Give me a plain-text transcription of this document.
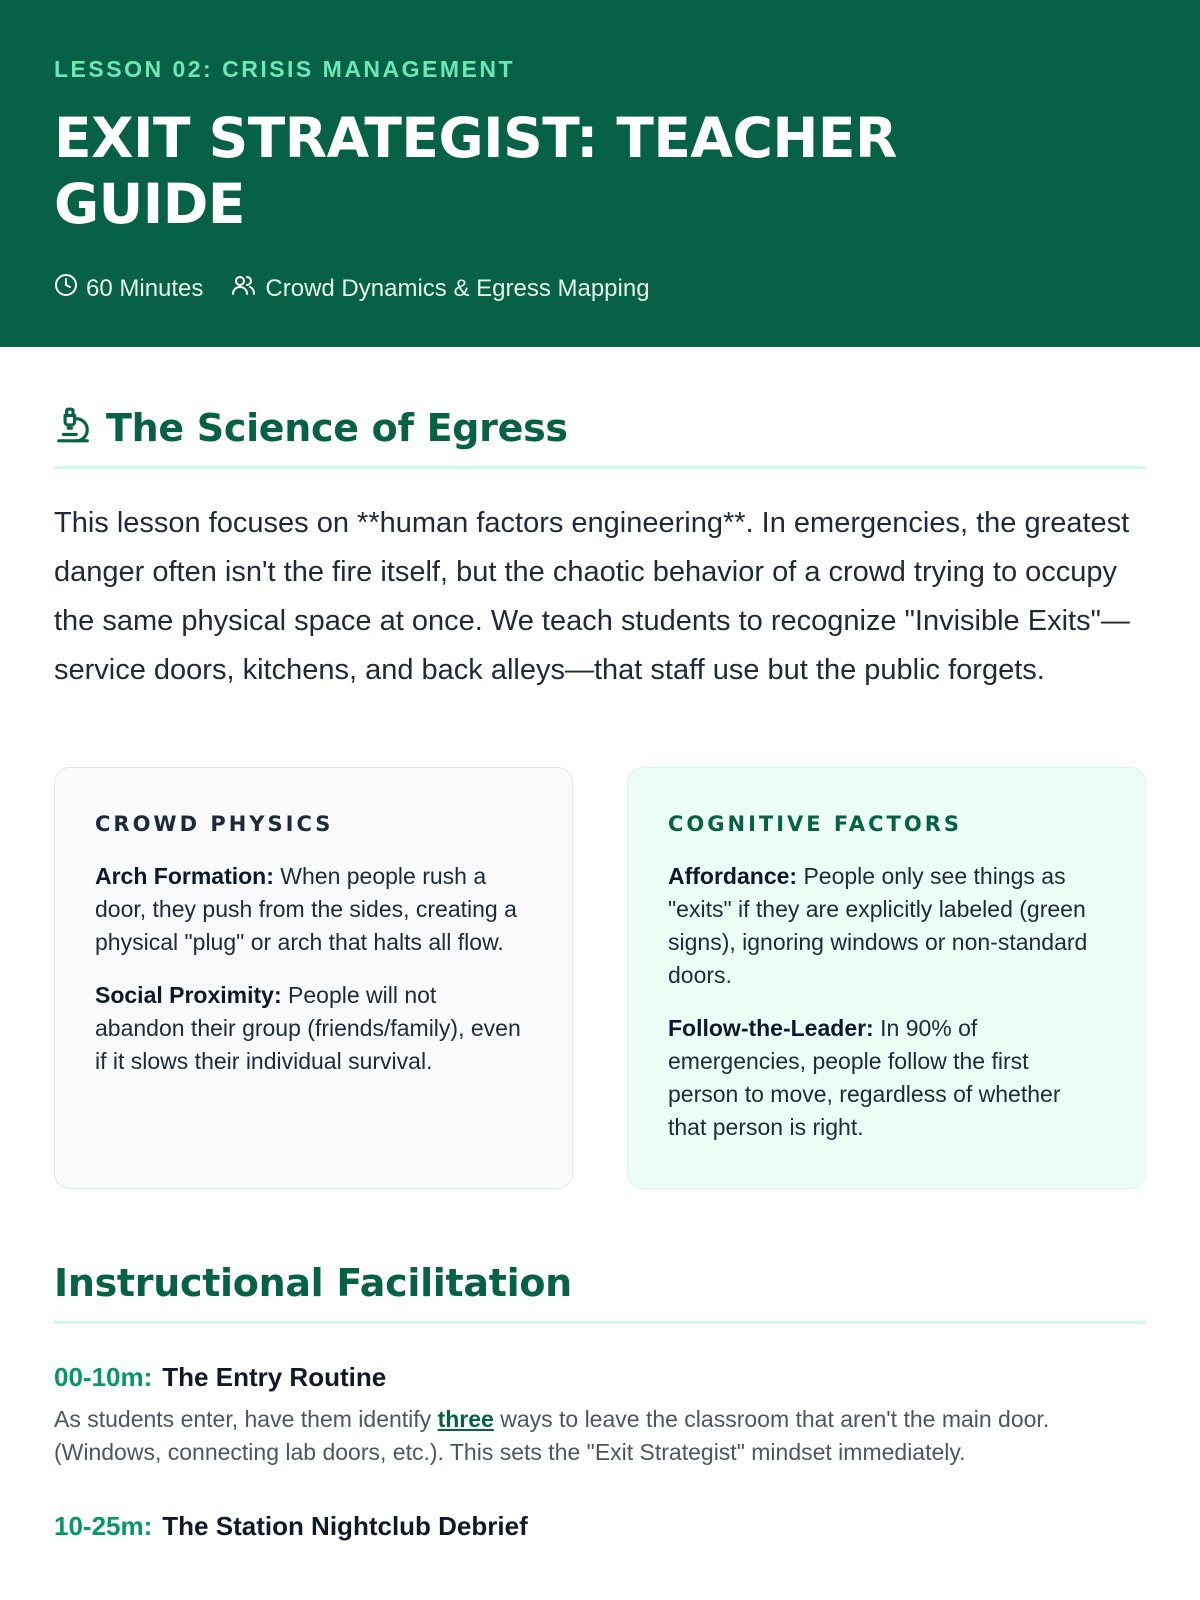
LESSON 02: CRISIS MANAGEMENT

EXIT STRATEGIST: TEACHER
GUIDE
60 Minutes	Crowd Dynamics & Egress Mapping
The Science of Egress

This lesson focuses on **human factors engineering**. In emergencies, the greatest danger often isn't the fire itself, but the chaotic behavior of a crowd trying to occupy the same physical space at once. We teach students to recognize "Invisible Exits"—service doors, kitchens, and back alleys—that staff use but the public forgets.

CROWD PHYSICS

Arch Formation: When people rush a door, they push from the sides, creating a physical "plug" or arch that halts all flow.

Social Proximity: People will not abandon their group (friends/family), even if it slows their individual survival.

COGNITIVE FACTORS

Affordance: People only see things as "exits" if they are explicitly labeled (green signs), ignoring windows or non-standard doors.

Follow-the-Leader: In 90% of emergencies, people follow the first person to move, regardless of whether that person is right.

Instructional Facilitation

00-10m: The Entry Routine

As students enter, have them identify three ways to leave the classroom that aren't the main door. (Windows, connecting lab doors, etc.). This sets the "Exit Strategist" mindset immediately.

10-25m: The Station Nightclub Debrief
